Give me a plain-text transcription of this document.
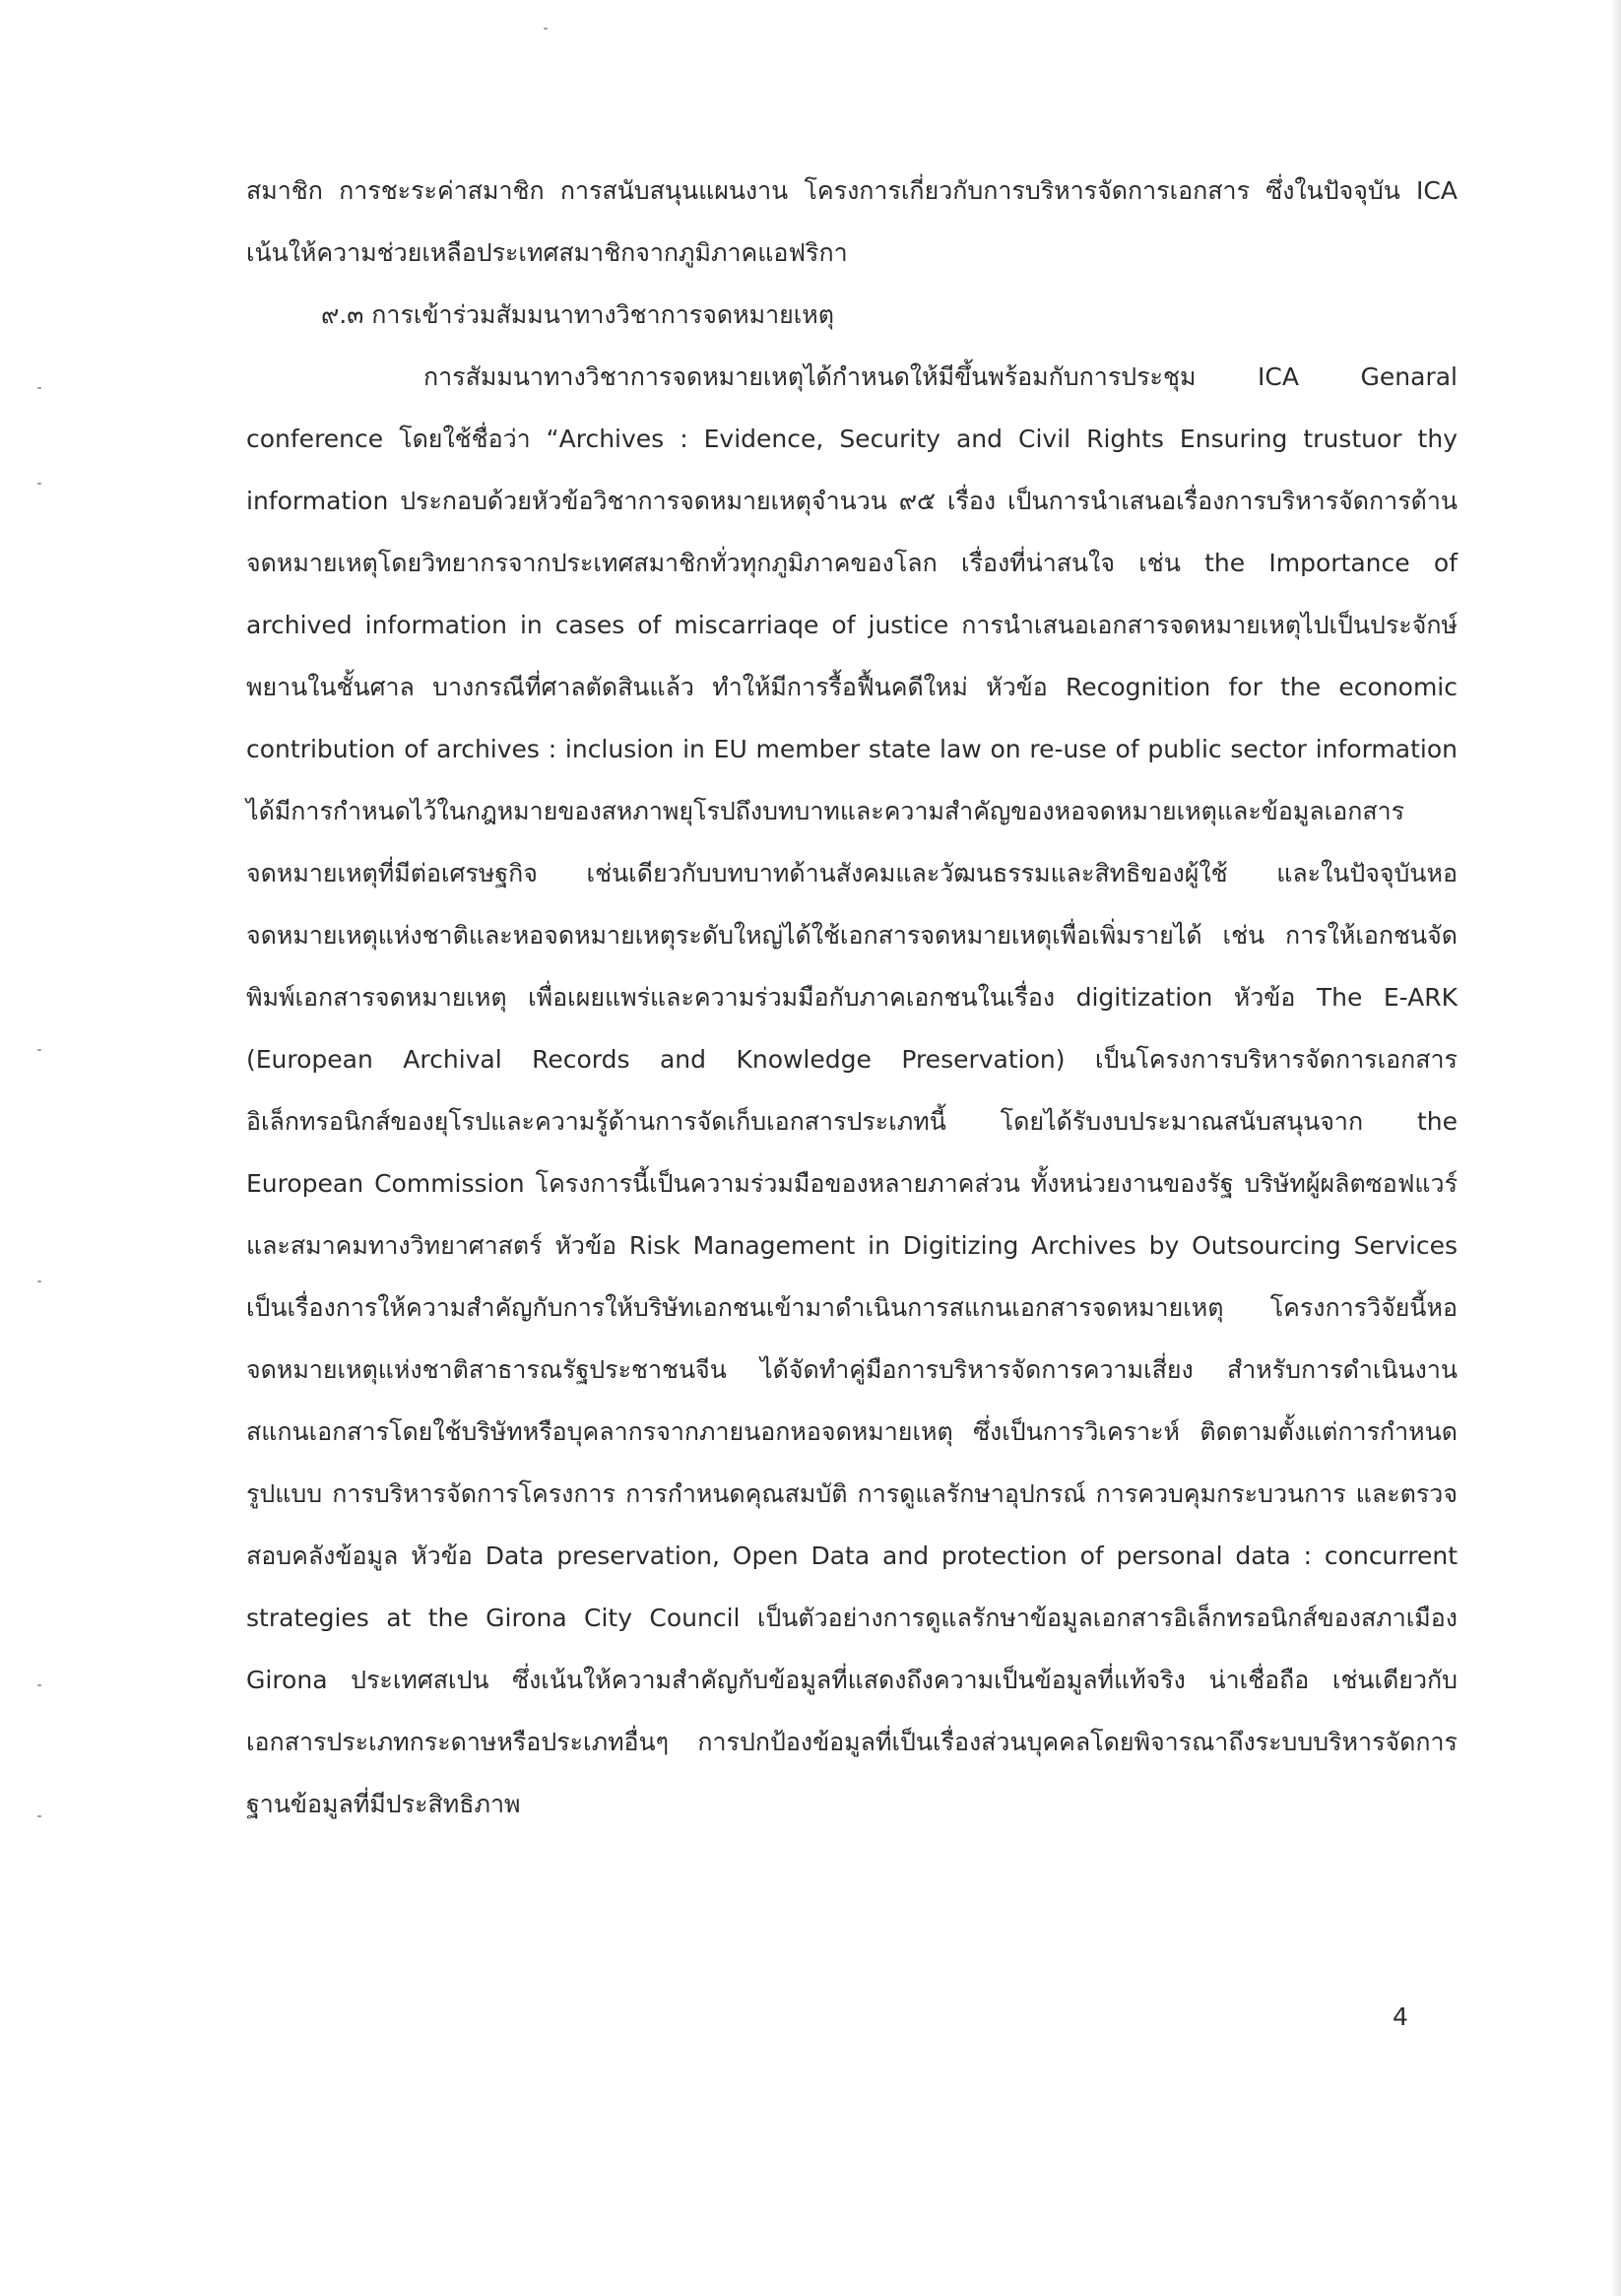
สมาชิก การชะระค่าสมาชิก การสนับสนุนแผนงาน โครงการเกี่ยวกับการบริหารจัดการเอกสาร ซึ่งในปัจจุบัน ICA เน้นให้ความช่วยเหลือประเทศสมาชิกจากภูมิภาคแอฟริกา

๙.๓ การเข้าร่วมสัมมนาทางวิชาการจดหมายเหตุ

การสัมมนาทางวิชาการจดหมายเหตุได้กำหนดให้มีขึ้นพร้อมกับการประชุม ICA Genaral conference โดยใช้ชื่อว่า “Archives : Evidence, Security and Civil Rights Ensuring trustuor thy information ประกอบด้วยหัวข้อวิชาการจดหมายเหตุจำนวน ๙๕ เรื่อง เป็นการนำเสนอเรื่องการบริหารจัดการด้านจดหมายเหตุโดยวิทยากรจากประเทศสมาชิกทั่วทุกภูมิภาคของโลก เรื่องที่น่าสนใจ เช่น the Importance of archived information in cases of miscarriaqe of justice การนำเสนอเอกสารจดหมายเหตุไปเป็นประจักษ์พยานในชั้นศาล บางกรณีที่ศาลตัดสินแล้ว ทำให้มีการรื้อฟื้นคดีใหม่ หัวข้อ Recognition for the economic contribution of archives : inclusion in EU member state law on re-use of public sector information ได้มีการกำหนดไว้ในกฎหมายของสหภาพยุโรปถึงบทบาทและความสำคัญของหอจดหมายเหตุและข้อมูลเอกสารจดหมายเหตุที่มีต่อเศรษฐกิจ เช่นเดียวกับบทบาทด้านสังคมและวัฒนธรรมและสิทธิของผู้ใช้ และในปัจจุบันหอจดหมายเหตุแห่งชาติและหอจดหมายเหตุระดับใหญ่ได้ใช้เอกสารจดหมายเหตุเพื่อเพิ่มรายได้ เช่น การให้เอกชนจัดพิมพ์เอกสารจดหมายเหตุ เพื่อเผยแพร่และความร่วมมือกับภาคเอกชนในเรื่อง digitization หัวข้อ The E-ARK (European Archival Records and Knowledge Preservation) เป็นโครงการบริหารจัดการเอกสารอิเล็กทรอนิกส์ของยุโรปและความรู้ด้านการจัดเก็บเอกสารประเภทนี้ โดยได้รับงบประมาณสนับสนุนจาก the European Commission โครงการนี้เป็นความร่วมมือของหลายภาคส่วน ทั้งหน่วยงานของรัฐ บริษัทผู้ผลิตซอฟแวร์ และสมาคมทางวิทยาศาสตร์ หัวข้อ Risk Management in Digitizing Archives by Outsourcing Services เป็นเรื่องการให้ความสำคัญกับการให้บริษัทเอกชนเข้ามาดำเนินการสแกนเอกสารจดหมายเหตุ โครงการวิจัยนี้หอจดหมายเหตุแห่งชาติสาธารณรัฐประชาชนจีน ได้จัดทำคู่มือการบริหารจัดการความเสี่ยง สำหรับการดำเนินงานสแกนเอกสารโดยใช้บริษัทหรือบุคลากรจากภายนอกหอจดหมายเหตุ ซึ่งเป็นการวิเคราะห์ ติดตามตั้งแต่การกำหนดรูปแบบ การบริหารจัดการโครงการ การกำหนดคุณสมบัติ การดูแลรักษาอุปกรณ์ การควบคุมกระบวนการ และตรวจสอบคลังข้อมูล หัวข้อ Data preservation, Open Data and protection of personal data : concurrent strategies at the Girona City Council เป็นตัวอย่างการดูแลรักษาข้อมูลเอกสารอิเล็กทรอนิกส์ของสภาเมือง Girona ประเทศสเปน ซึ่งเน้นให้ความสำคัญกับข้อมูลที่แสดงถึงความเป็นข้อมูลที่แท้จริง น่าเชื่อถือ เช่นเดียวกับเอกสารประเภทกระดาษหรือประเภทอื่นๆ การปกป้องข้อมูลที่เป็นเรื่องส่วนบุคคลโดยพิจารณาถึงระบบบริหารจัดการฐานข้อมูลที่มีประสิทธิภาพ

4
